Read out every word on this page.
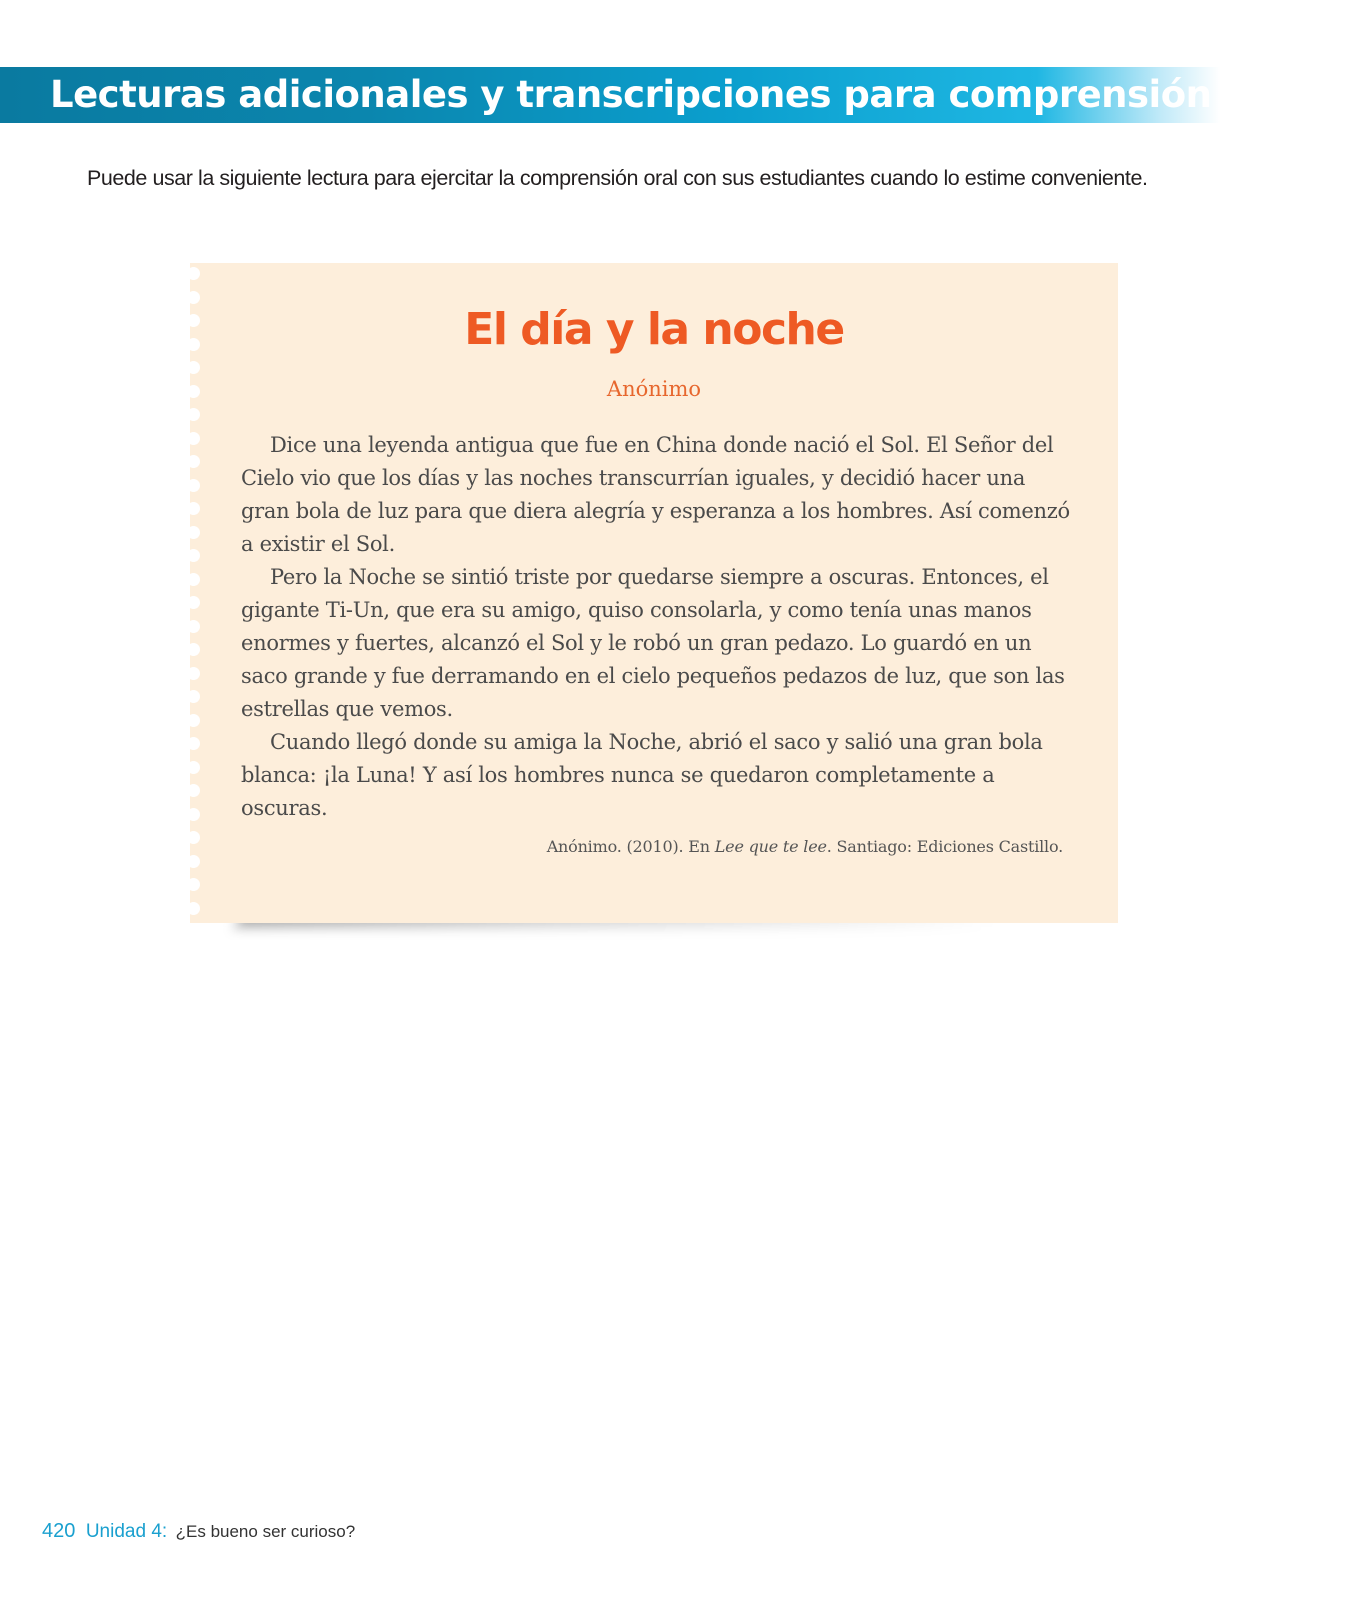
Lecturas adicionales y transcripciones para comprensión oral

Puede usar la siguiente lectura para ejercitar la comprensión oral con sus estudiantes cuando lo estime conveniente.

El día y la noche
Anónimo

Dice una leyenda antigua que fue en China donde nació el Sol. El Señor del Cielo vio que los días y las noches transcurrían iguales, y decidió hacer una gran bola de luz para que diera alegría y esperanza a los hombres. Así comenzó a existir el Sol.

Pero la Noche se sintió triste por quedarse siempre a oscuras. Entonces, el gigante Ti-Un, que era su amigo, quiso consolarla, y como tenía unas manos enormes y fuertes, alcanzó el Sol y le robó un gran pedazo. Lo guardó en un saco grande y fue derramando en el cielo pequeños pedazos de luz, que son las estrellas que vemos.

Cuando llegó donde su amiga la Noche, abrió el saco y salió una gran bola blanca: ¡la Luna! Y así los hombres nunca se quedaron completamente a oscuras.

Anónimo. (2010). En Lee que te lee. Santiago: Ediciones Castillo.

420 Unidad 4: ¿Es bueno ser curioso?
